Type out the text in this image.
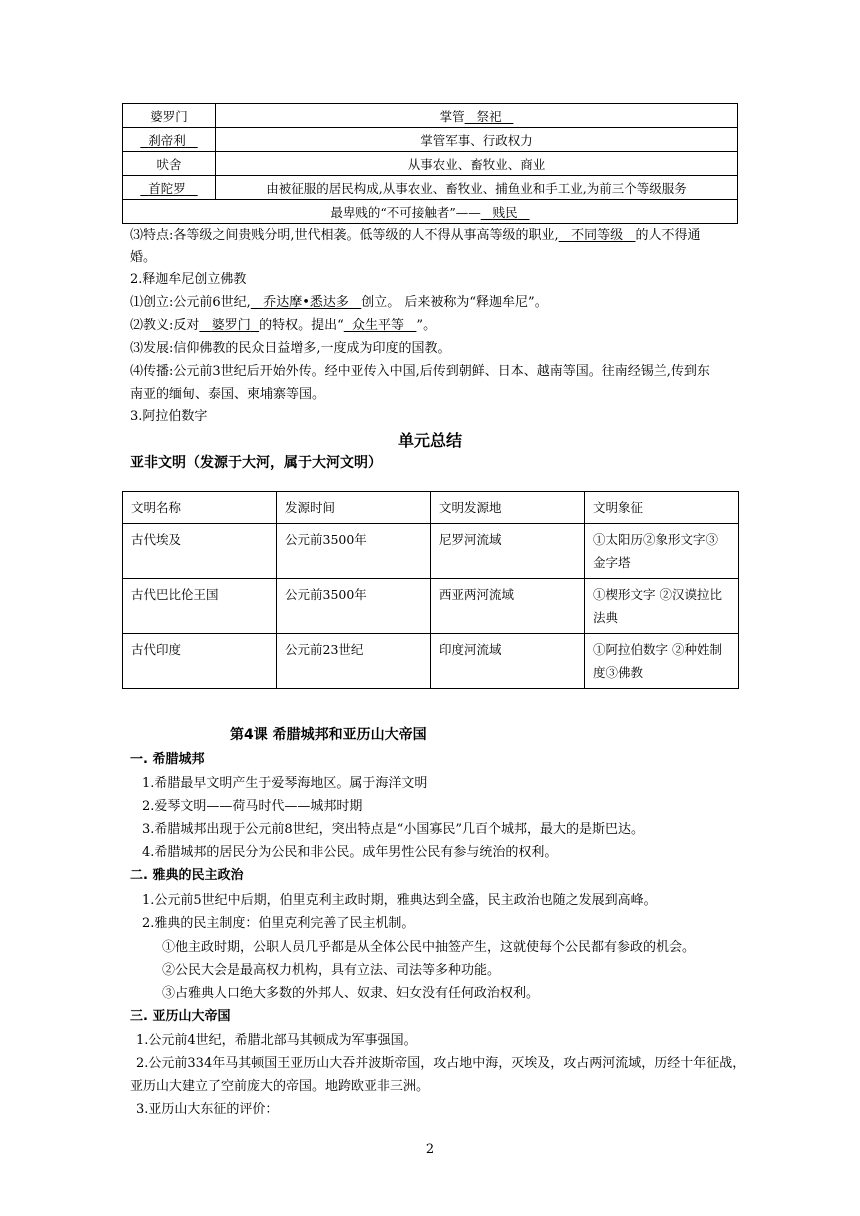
婆罗门	掌管 祭祀
刹帝利	掌管军事、行政权力
吠舍	从事农业、畜牧业、商业
首陀罗	由被征服的居民构成,从事农业、畜牧业、捕鱼业和手工业,为前三个等级服务
最卑贱的“不可接触者”—— 贱民	
⑶特点:各等级之间贵贱分明,世代相袭。低等级的人不得从事高等级的职业, 不同等级 的人不得通
婚。
2.释迦牟尼创立佛教
⑴创立:公元前6世纪, 乔达摩•悉达多 创立。 后来被称为“释迦牟尼”。
⑵教义:反对 婆罗门 的特权。提出“ 众生平等 ”。
⑶发展:信仰佛教的民众日益增多,一度成为印度的国教。
⑷传播:公元前3世纪后开始外传。经中亚传入中国,后传到朝鲜、日本、越南等国。往南经锡兰,传到东
南亚的缅甸、泰国、柬埔寨等国。
3.阿拉伯数字
单元总结
亚非文明（发源于大河，属于大河文明）
文明名称	发源时间	文明发源地	文明象征
古代埃及	公元前3500年	尼罗河流域	①太阳历②象形文字③金字塔
古代巴比伦王国	公元前3500年	西亚两河流域	①楔形文字 ②汉谟拉比法典
古代印度	公元前23世纪	印度河流域	①阿拉伯数字 ②种姓制度③佛教
第4课 希腊城邦和亚历山大帝国
一. 希腊城邦
1.希腊最早文明产生于爱琴海地区。属于海洋文明
2.爱琴文明——荷马时代——城邦时期
3.希腊城邦出现于公元前8世纪，突出特点是“小国寡民”几百个城邦，最大的是斯巴达。
4.希腊城邦的居民分为公民和非公民。成年男性公民有参与统治的权利。
二. 雅典的民主政治
1.公元前5世纪中后期，伯里克利主政时期，雅典达到全盛，民主政治也随之发展到高峰。
2.雅典的民主制度：伯里克利完善了民主机制。
①他主政时期，公职人员几乎都是从全体公民中抽签产生，这就使每个公民都有参政的机会。
②公民大会是最高权力机构，具有立法、司法等多种功能。
③占雅典人口绝大多数的外邦人、奴隶、妇女没有任何政治权利。
三. 亚历山大帝国
1.公元前4世纪，希腊北部马其顿成为军事强国。
2.公元前334年马其顿国王亚历山大吞并波斯帝国，攻占地中海，灭埃及，攻占两河流域，历经十年征战，
亚历山大建立了空前庞大的帝国。地跨欧亚非三洲。
3.亚历山大东征的评价：
2
